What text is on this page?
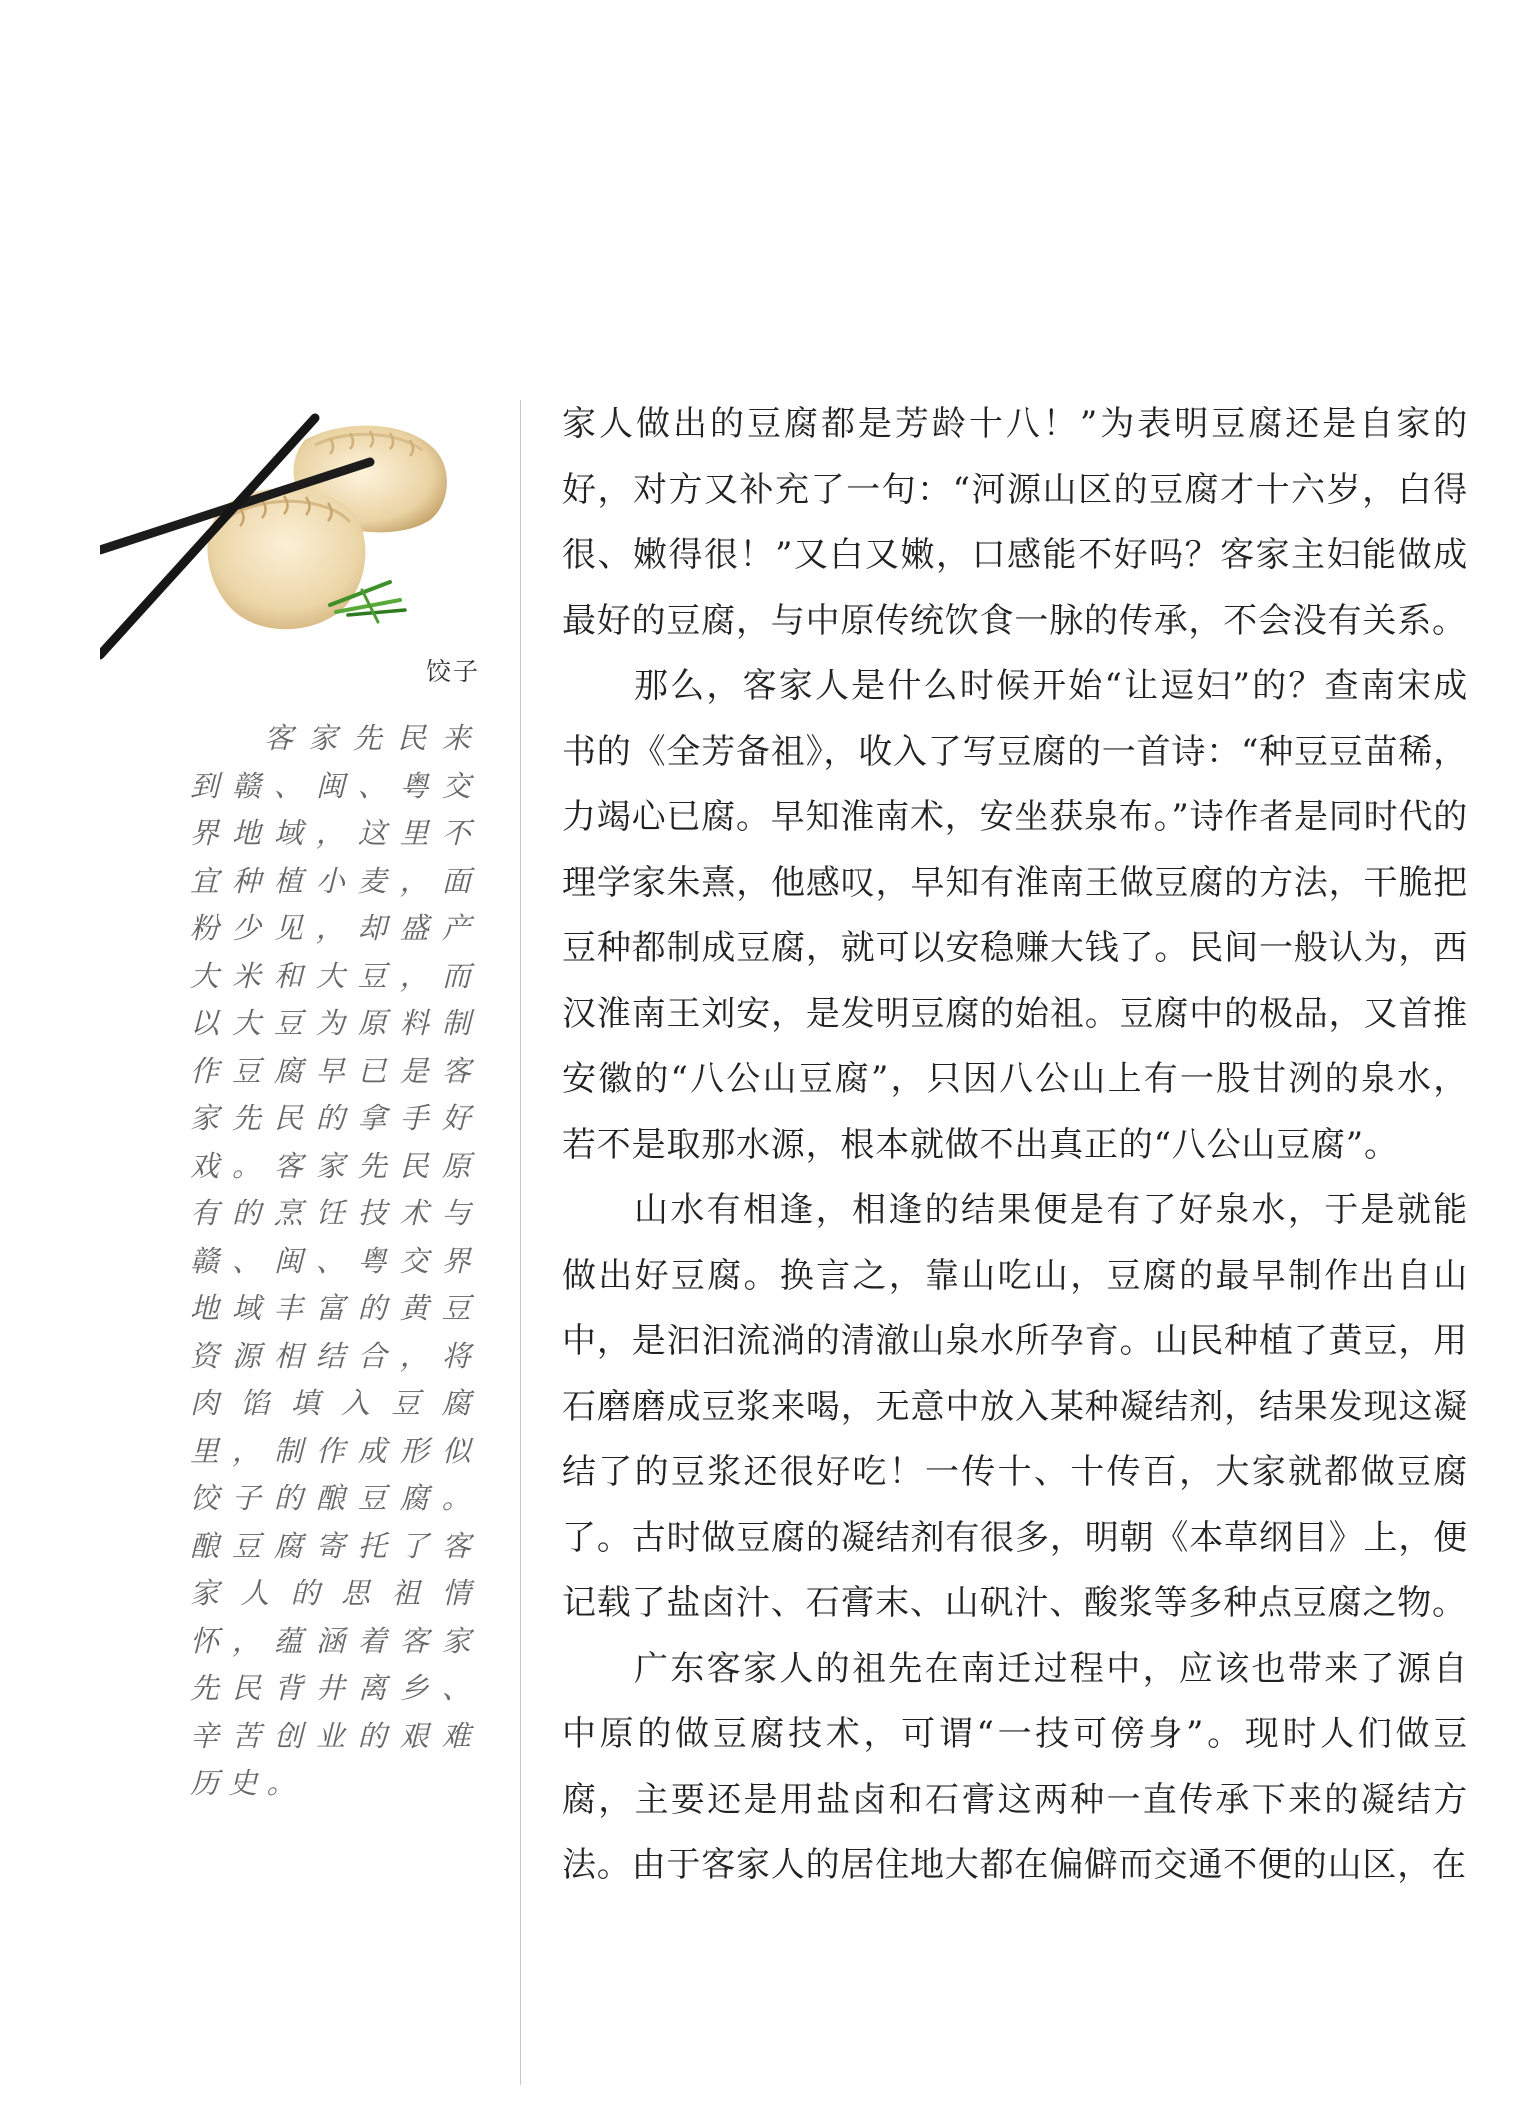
饺子
客家先民来到赣、闽、粤交界地域，这里不宜种植小麦，面粉少见，却盛产大米和大豆，而以大豆为原料制作豆腐早已是客家先民的拿手好戏。客家先民原有的烹饪技术与赣、闽、粤交界地域丰富的黄豆资源相结合，将肉馅填入豆腐里，制作成形似饺子的酿豆腐。酿豆腐寄托了客家人的思祖情怀，蕴涵着客家先民背井离乡、辛苦创业的艰难历史。

家人做出的豆腐都是芳龄十八！”为表明豆腐还是自家的好，对方又补充了一句：“河源山区的豆腐才十六岁，白得很、嫩得很！”又白又嫩，口感能不好吗？客家主妇能做成最好的豆腐，与中原传统饮食一脉的传承，不会没有关系。

那么，客家人是什么时候开始“让逗妇”的？查南宋成书的《全芳备祖》，收入了写豆腐的一首诗：“种豆豆苗稀，力竭心已腐。早知淮南术，安坐获泉布。”诗作者是同时代的理学家朱熹，他感叹，早知有淮南王做豆腐的方法，干脆把豆种都制成豆腐，就可以安稳赚大钱了。民间一般认为，西汉淮南王刘安，是发明豆腐的始祖。豆腐中的极品，又首推安徽的“八公山豆腐”，只因八公山上有一股甘洌的泉水，若不是取那水源，根本就做不出真正的“八公山豆腐”。

山水有相逢，相逢的结果便是有了好泉水，于是就能做出好豆腐。换言之，靠山吃山，豆腐的最早制作出自山中，是汩汩流淌的清澈山泉水所孕育。山民种植了黄豆，用石磨磨成豆浆来喝，无意中放入某种凝结剂，结果发现这凝结了的豆浆还很好吃！一传十、十传百，大家就都做豆腐了。古时做豆腐的凝结剂有很多，明朝《本草纲目》上，便记载了盐卤汁、石膏末、山矾汁、酸浆等多种点豆腐之物。

广东客家人的祖先在南迁过程中，应该也带来了源自中原的做豆腐技术，可谓“一技可傍身”。现时人们做豆腐，主要还是用盐卤和石膏这两种一直传承下来的凝结方法。由于客家人的居住地大都在偏僻而交通不便的山区，在
